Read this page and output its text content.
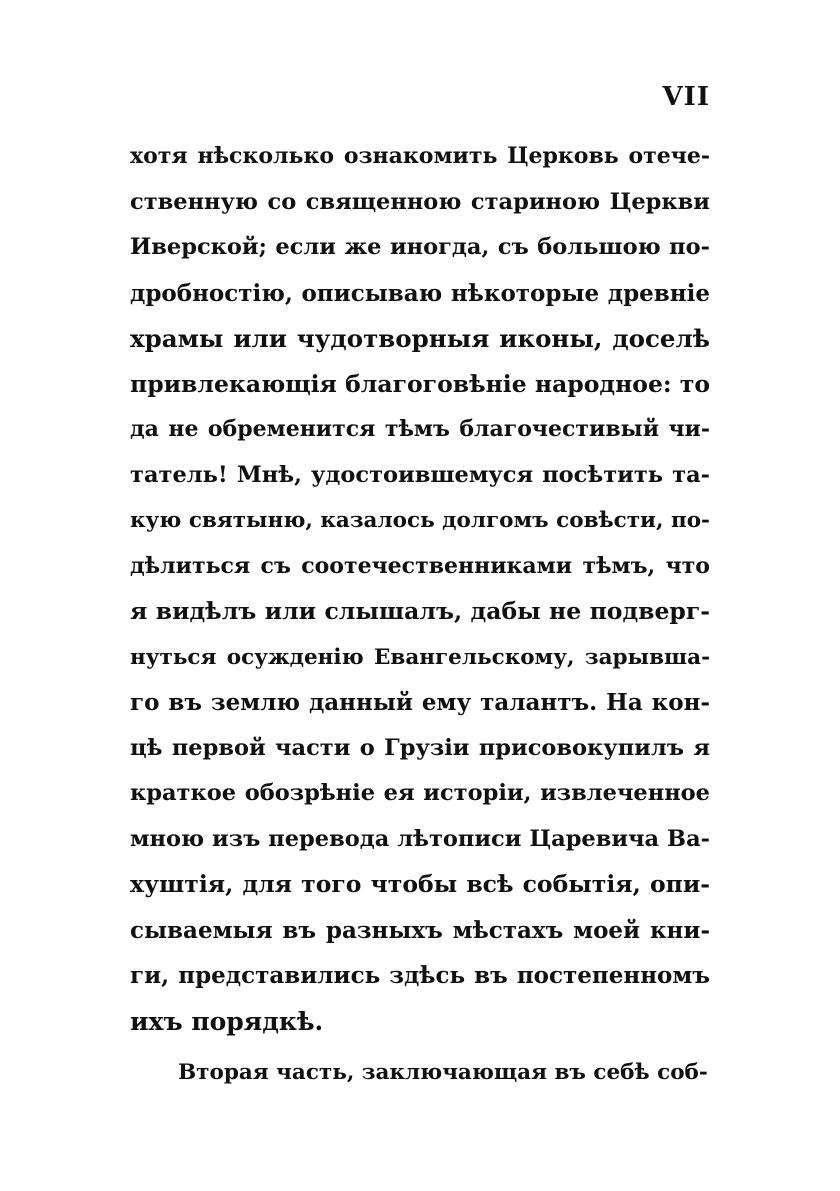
VII
хотя нѣсколько ознакомить Церковь отече-
ственную со священною стариною Церкви
Иверской; если же иногда, съ большою по-
дробностію, описываю нѣкоторые древніе
храмы или чудотворныя иконы, доселѣ
привлекающія благоговѣніе народное: то
да не обременится тѣмъ благочестивый чи-
татель! Мнѣ, удостоившемуся посѣтить та-
кую святыню, казалось долгомъ совѣсти, по-
дѣлиться съ соотечественниками тѣмъ, что
я видѣлъ или слышалъ, дабы не подверг-
нуться осужденію Евангельскому, зарывша-
го въ землю данный ему талантъ. На кон-
цѣ первой части о Грузіи присовокупилъ я
краткое обозрѣніе ея исторіи, извлеченное
мною изъ перевода лѣтописи Царевича Ва-
хуштія, для того чтобы всѣ событія, опи-
сываемыя въ разныхъ мѣстахъ моей кни-
ги, представились здѣсь въ постепенномъ
ихъ порядкѣ.
Вторая часть, заключающая въ себѣ соб-
